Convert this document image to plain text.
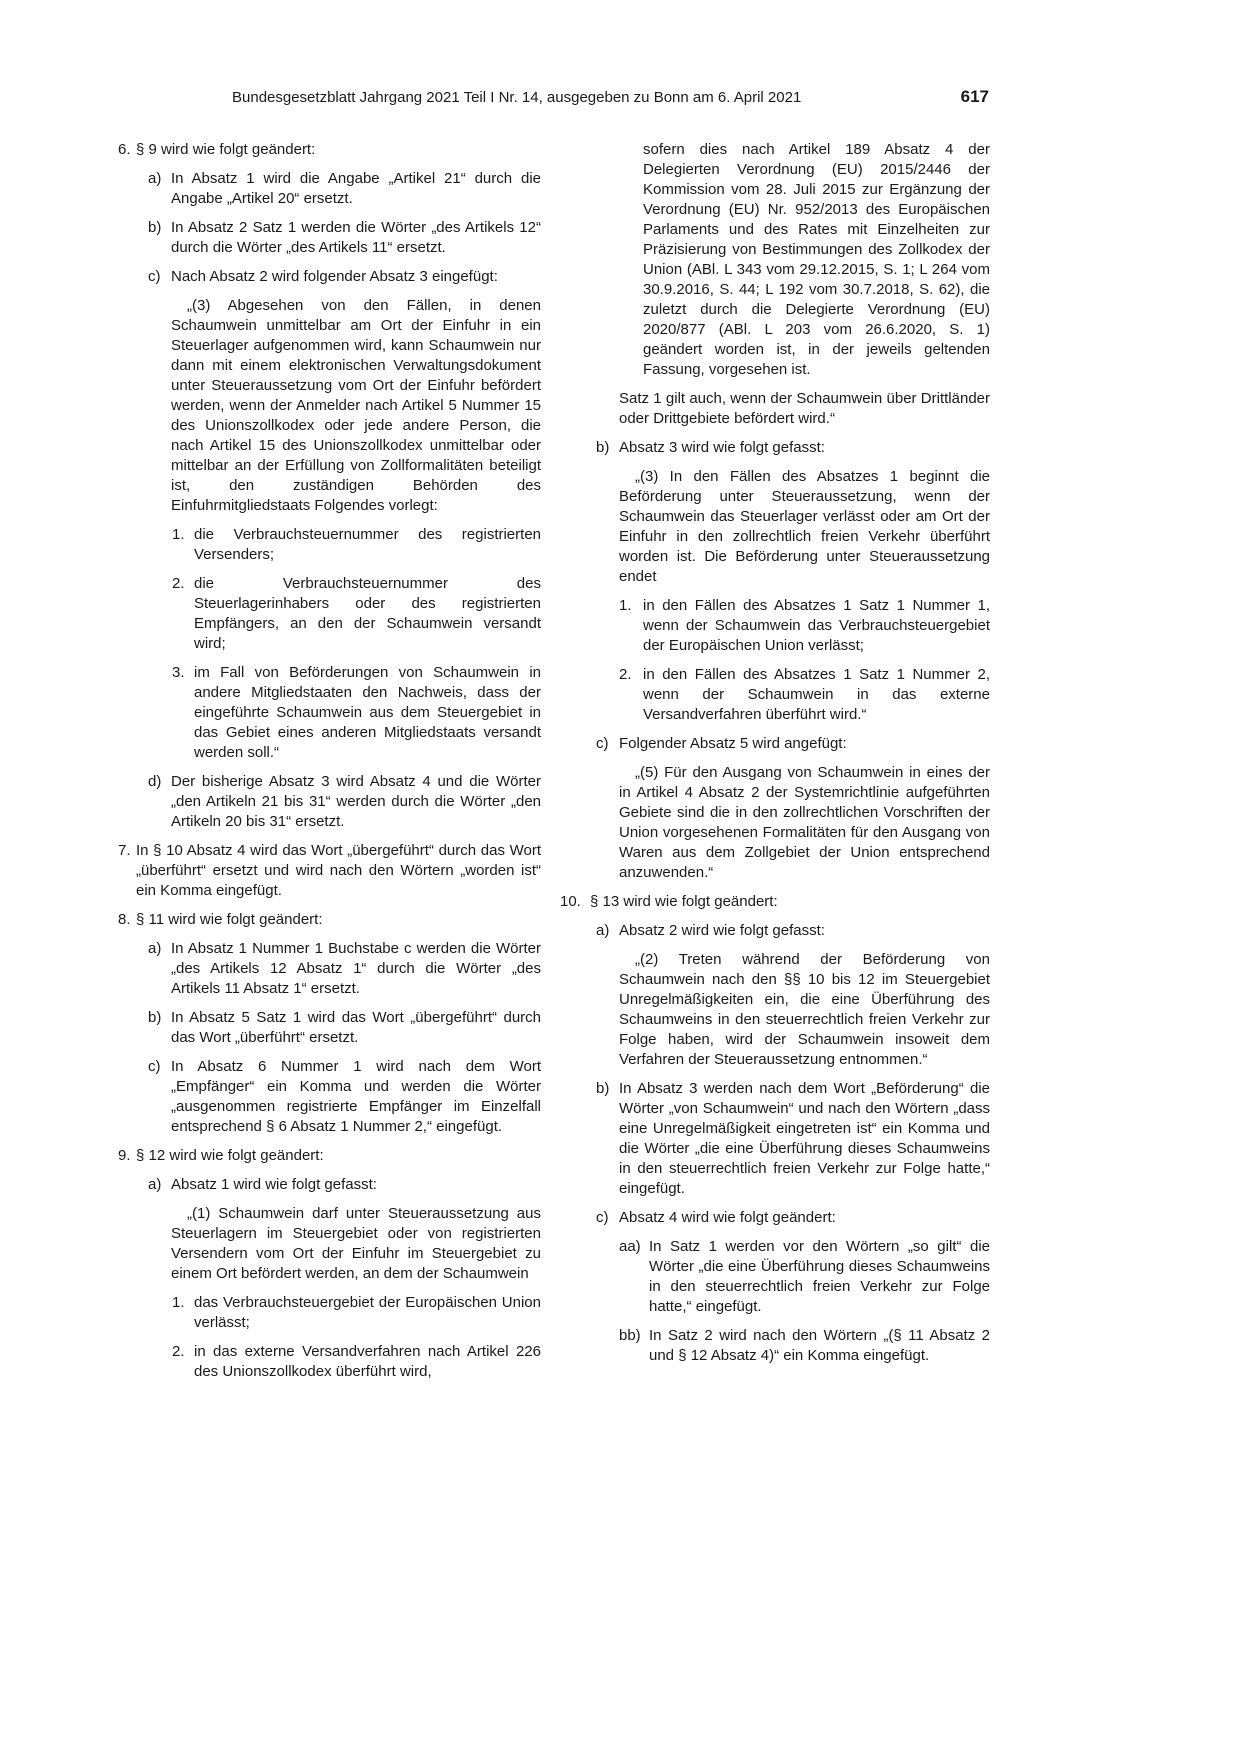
Bundesgesetzblatt Jahrgang 2021 Teil I Nr. 14, ausgegeben zu Bonn am 6. April 2021	617
6. § 9 wird wie folgt geändert:
a) In Absatz 1 wird die Angabe „Artikel 21“ durch die Angabe „Artikel 20“ ersetzt.
b) In Absatz 2 Satz 1 werden die Wörter „des Artikels 12“ durch die Wörter „des Artikels 11“ ersetzt.
c) Nach Absatz 2 wird folgender Absatz 3 eingefügt:
„(3) Abgesehen von den Fällen, in denen Schaumwein unmittelbar am Ort der Einfuhr in ein Steuerlager aufgenommen wird, kann Schaumwein nur dann mit einem elektronischen Verwaltungsdokument unter Steueraussetzung vom Ort der Einfuhr befördert werden, wenn der Anmelder nach Artikel 5 Nummer 15 des Unionszollkodex oder jede andere Person, die nach Artikel 15 des Unionszollkodex unmittelbar oder mittelbar an der Erfüllung von Zollformalitäten beteiligt ist, den zuständigen Behörden des Einfuhrmitgliedstaats Folgendes vorlegt:
1. die Verbrauchsteuernummer des registrierten Versenders;
2. die Verbrauchsteuernummer des Steuerlagerinhabers oder des registrierten Empfängers, an den der Schaumwein versandt wird;
3. im Fall von Beförderungen von Schaumwein in andere Mitgliedstaaten den Nachweis, dass der eingeführte Schaumwein aus dem Steuergebiet in das Gebiet eines anderen Mitgliedstaats versandt werden soll.“
d) Der bisherige Absatz 3 wird Absatz 4 und die Wörter „den Artikeln 21 bis 31“ werden durch die Wörter „den Artikeln 20 bis 31“ ersetzt.
7. In § 10 Absatz 4 wird das Wort „übergeführt“ durch das Wort „überführt“ ersetzt und wird nach den Wörtern „worden ist“ ein Komma eingefügt.
8. § 11 wird wie folgt geändert:
a) In Absatz 1 Nummer 1 Buchstabe c werden die Wörter „des Artikels 12 Absatz 1“ durch die Wörter „des Artikels 11 Absatz 1“ ersetzt.
b) In Absatz 5 Satz 1 wird das Wort „übergeführt“ durch das Wort „überführt“ ersetzt.
c) In Absatz 6 Nummer 1 wird nach dem Wort „Empfänger“ ein Komma und werden die Wörter „ausgenommen registrierte Empfänger im Einzelfall entsprechend § 6 Absatz 1 Nummer 2,“ eingefügt.
9. § 12 wird wie folgt geändert:
a) Absatz 1 wird wie folgt gefasst:
„(1) Schaumwein darf unter Steueraussetzung aus Steuerlagern im Steuergebiet oder von registrierten Versendern vom Ort der Einfuhr im Steuergebiet zu einem Ort befördert werden, an dem der Schaumwein
1. das Verbrauchsteuergebiet der Europäischen Union verlässt;
2. in das externe Versandverfahren nach Artikel 226 des Unionszollkodex überführt wird,
sofern dies nach Artikel 189 Absatz 4 der Delegierten Verordnung (EU) 2015/2446 der Kommission vom 28. Juli 2015 zur Ergänzung der Verordnung (EU) Nr. 952/2013 des Europäischen Parlaments und des Rates mit Einzelheiten zur Präzisierung von Bestimmungen des Zollkodex der Union (ABl. L 343 vom 29.12.2015, S. 1; L 264 vom 30.9.2016, S. 44; L 192 vom 30.7.2018, S. 62), die zuletzt durch die Delegierte Verordnung (EU) 2020/877 (ABl. L 203 vom 26.6.2020, S. 1) geändert worden ist, in der jeweils geltenden Fassung, vorgesehen ist.
Satz 1 gilt auch, wenn der Schaumwein über Drittländer oder Drittgebiete befördert wird.“
b) Absatz 3 wird wie folgt gefasst:
„(3) In den Fällen des Absatzes 1 beginnt die Beförderung unter Steueraussetzung, wenn der Schaumwein das Steuerlager verlässt oder am Ort der Einfuhr in den zollrechtlich freien Verkehr überführt worden ist. Die Beförderung unter Steueraussetzung endet
1. in den Fällen des Absatzes 1 Satz 1 Nummer 1, wenn der Schaumwein das Verbrauchsteuergebiet der Europäischen Union verlässt;
2. in den Fällen des Absatzes 1 Satz 1 Nummer 2, wenn der Schaumwein in das externe Versandverfahren überführt wird.“
c) Folgender Absatz 5 wird angefügt:
„(5) Für den Ausgang von Schaumwein in eines der in Artikel 4 Absatz 2 der Systemrichtlinie aufgeführten Gebiete sind die in den zollrechtlichen Vorschriften der Union vorgesehenen Formalitäten für den Ausgang von Waren aus dem Zollgebiet der Union entsprechend anzuwenden.“
10. § 13 wird wie folgt geändert:
a) Absatz 2 wird wie folgt gefasst:
„(2) Treten während der Beförderung von Schaumwein nach den §§ 10 bis 12 im Steuergebiet Unregelmäßigkeiten ein, die eine Überführung des Schaumweins in den steuerrechtlich freien Verkehr zur Folge haben, wird der Schaumwein insoweit dem Verfahren der Steueraussetzung entnommen.“
b) In Absatz 3 werden nach dem Wort „Beförderung“ die Wörter „von Schaumwein“ und nach den Wörtern „dass eine Unregelmäßigkeit eingetreten ist“ ein Komma und die Wörter „die eine Überführung dieses Schaumweins in den steuerrechtlich freien Verkehr zur Folge hatte,“ eingefügt.
c) Absatz 4 wird wie folgt geändert:
aa) In Satz 1 werden vor den Wörtern „so gilt“ die Wörter „die eine Überführung dieses Schaumweins in den steuerrechtlich freien Verkehr zur Folge hatte,“ eingefügt.
bb) In Satz 2 wird nach den Wörtern „(§ 11 Absatz 2 und § 12 Absatz 4)“ ein Komma eingefügt.
